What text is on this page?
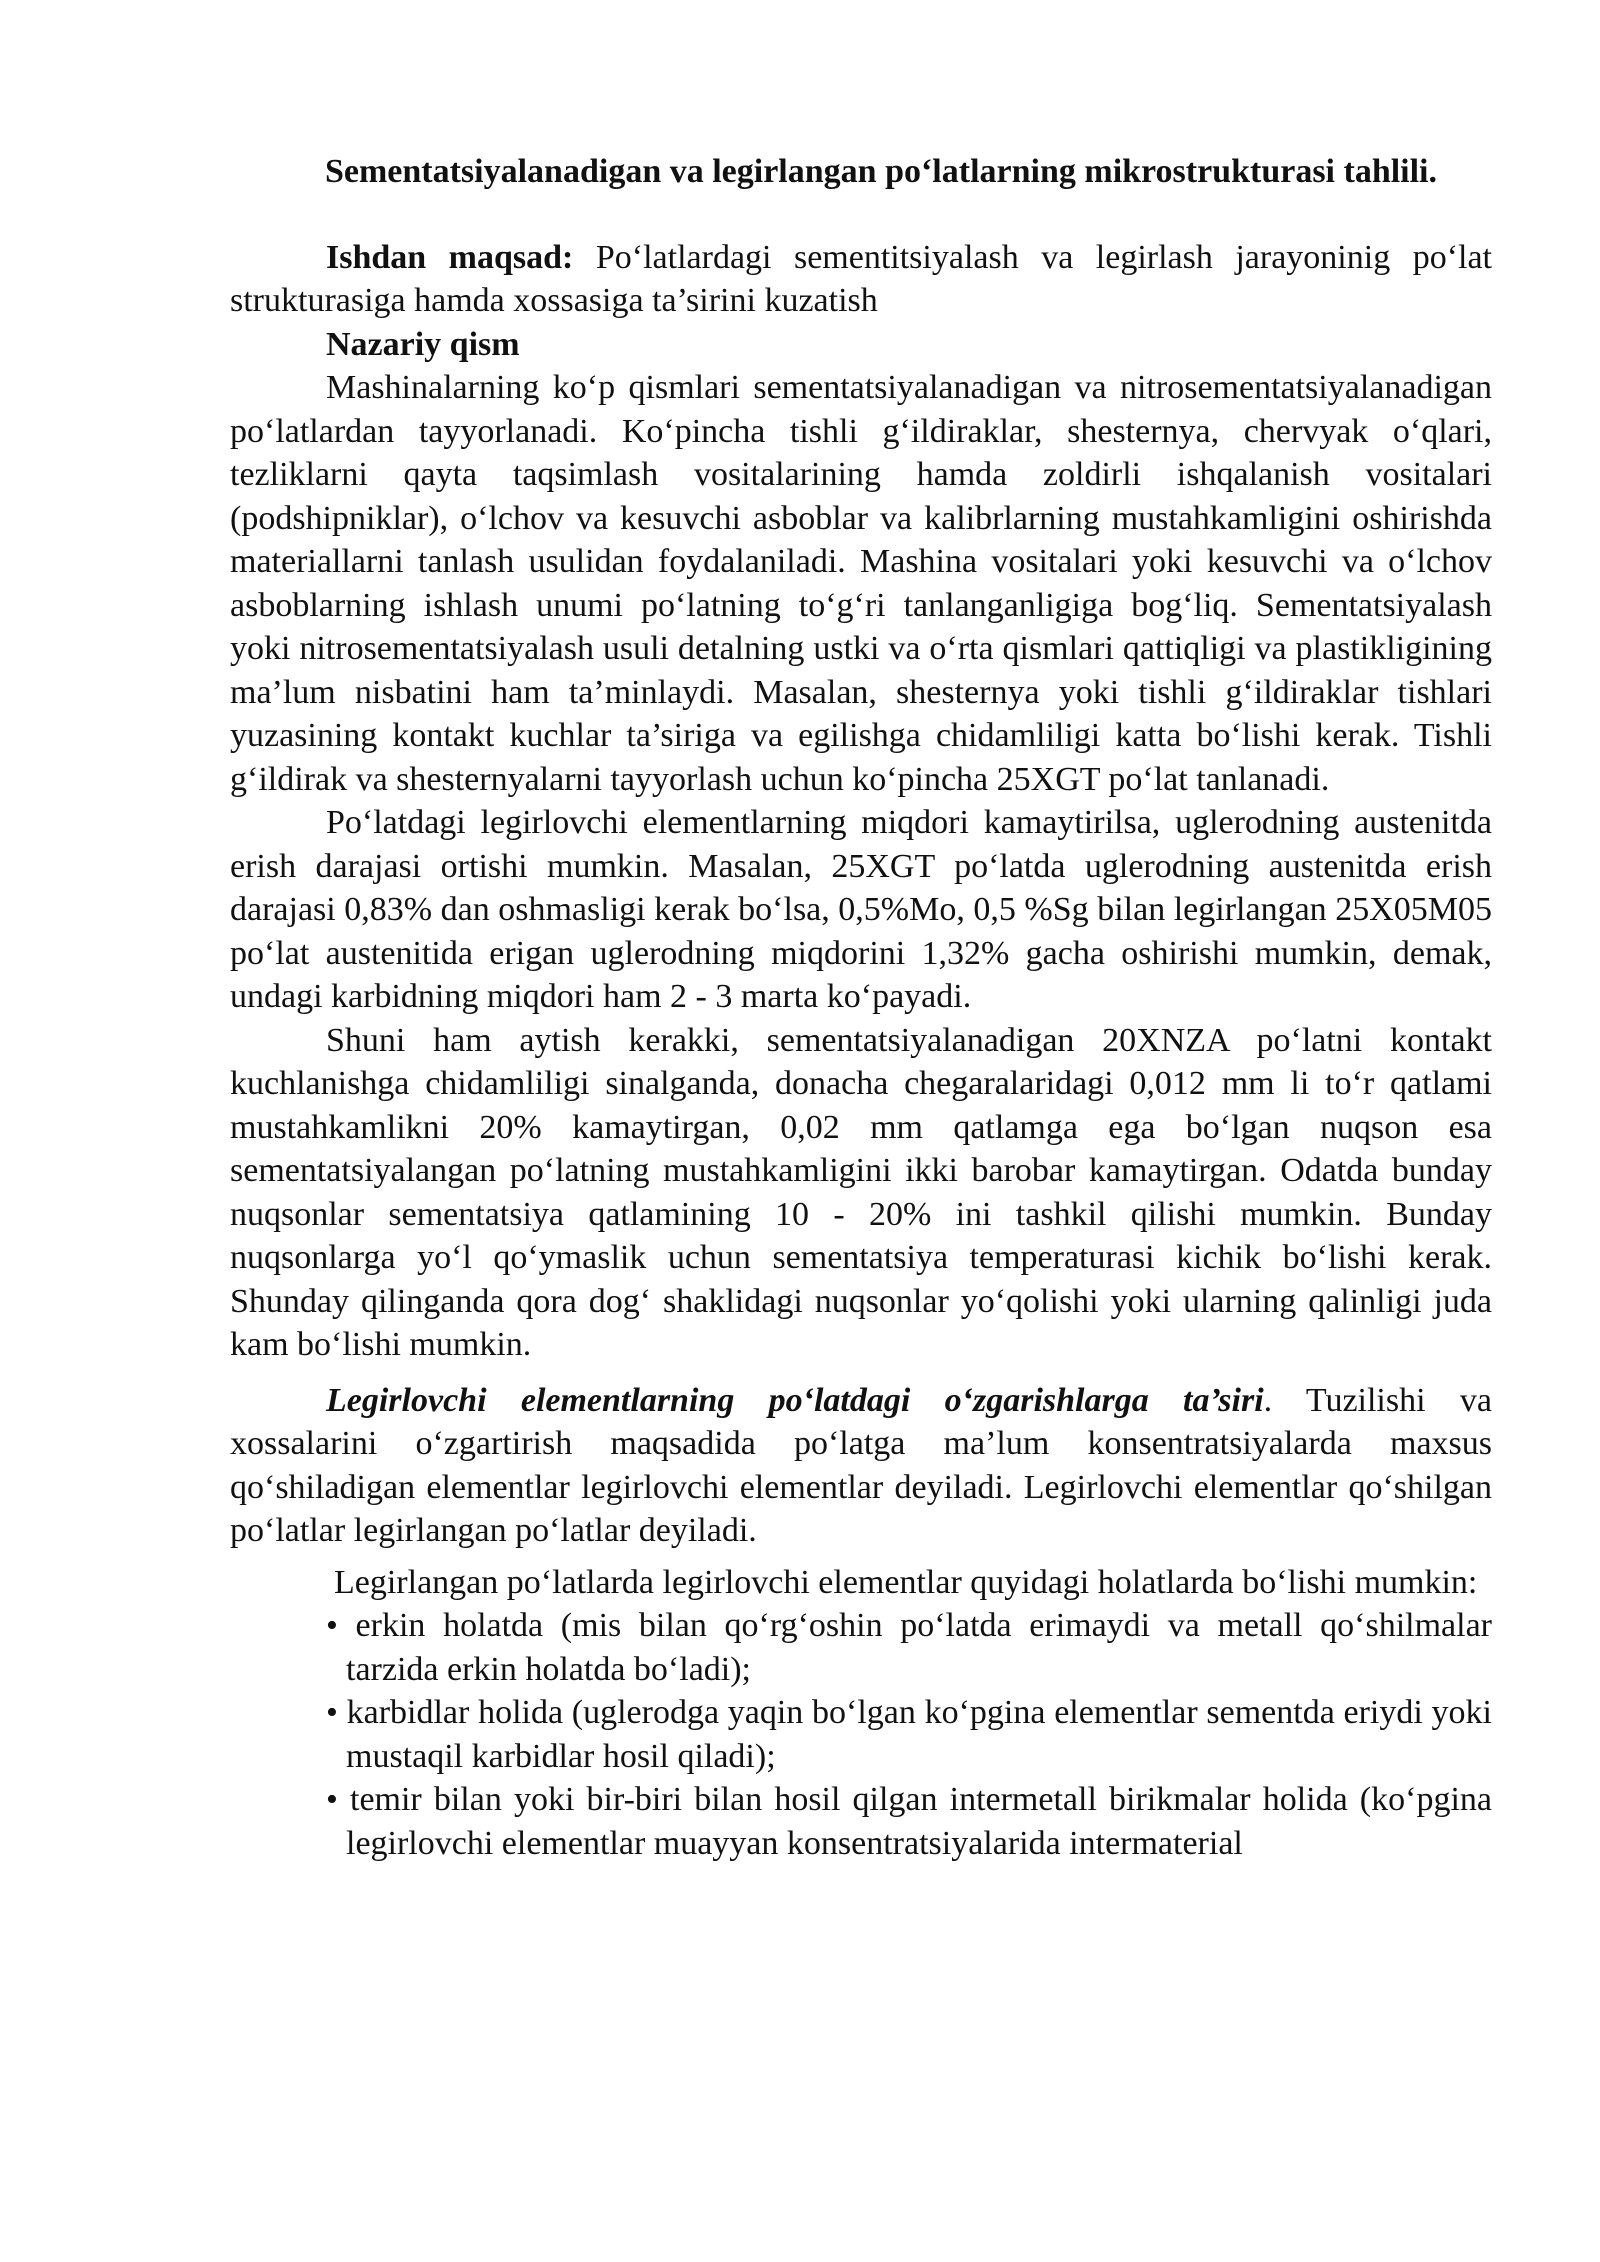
Sementatsiyalanadigan va legirlangan po‘latlarning mikrostrukturasi tahlili.

Ishdan maqsad: Po‘latlardagi sementitsiyalash va legirlash jarayoninig po‘lat strukturasiga hamda xossasiga ta’sirini kuzatish

Nazariy qism

Mashinalarning ko‘p qismlari sementatsiyalanadigan va nitrosementatsiyalanadigan po‘latlardan tayyorlanadi. Ko‘pincha tishli g‘ildiraklar, shesternya, chervyak o‘qlari, tezliklarni qayta taqsimlash vositalarining hamda zoldirli ishqalanish vositalari (podshipniklar), o‘lchov va kesuvchi asboblar va kalibrlarning mustahkamligini oshirishda materiallarni tanlash usulidan foydalaniladi. Mashina vositalari yoki kesuvchi va o‘lchov asboblarning ishlash unumi po‘latning to‘g‘ri tanlanganligiga bog‘liq. Sementatsiyalash yoki nitrosementatsiyalash usuli detalning ustki va o‘rta qismlari qattiqligi va plastikligining ma’lum nisbatini ham ta’minlaydi. Masalan, shesternya yoki tishli g‘ildiraklar tishlari yuzasining kontakt kuchlar ta’siriga va egilishga chidamliligi katta bo‘lishi kerak. Tishli g‘ildirak va shesternyalarni tayyorlash uchun ko‘pincha 25XGT po‘lat tanlanadi.

Po‘latdagi legirlovchi elementlarning miqdori kamaytirilsa, uglerodning austenitda erish darajasi ortishi mumkin. Masalan, 25XGT po‘latda uglerodning austenitda erish darajasi 0,83% dan oshmasligi kerak bo‘lsa, 0,5%Mo, 0,5 %Sg bilan legirlangan 25X05M05 po‘lat austenitida erigan uglerodning miqdorini 1,32% gacha oshirishi mumkin, demak, undagi karbidning miqdori ham 2 - 3 marta ko‘payadi.

Shuni ham aytish kerakki, sementatsiyalanadigan 20XNZA po‘latni kontakt kuchlanishga chidamliligi sinalganda, donacha chegaralaridagi 0,012 mm li to‘r qatlami mustahkamlikni 20% kamaytirgan, 0,02 mm qatlamga ega bo‘lgan nuqson esa sementatsiyalangan po‘latning mustahkamligini ikki barobar kamaytirgan. Odatda bunday nuqsonlar sementatsiya qatlamining 10 - 20% ini tashkil qilishi mumkin. Bunday nuqsonlarga yo‘l qo‘ymaslik uchun sementatsiya temperaturasi kichik bo‘lishi kerak. Shunday qilinganda qora dog‘ shaklidagi nuqsonlar yo‘qolishi yoki ularning qalinligi juda kam bo‘lishi mumkin.

Legirlovchi elementlarning po‘latdagi o‘zgarishlarga ta’siri. Tuzilishi va xossalarini o‘zgartirish maqsadida po‘latga ma’lum konsentratsiyalarda maxsus qo‘shiladigan elementlar legirlovchi elementlar deyiladi. Legirlovchi elementlar qo‘shilgan po‘latlar legirlangan po‘latlar deyiladi.

Legirlangan po‘latlarda legirlovchi elementlar quyidagi holatlarda bo‘lishi mumkin:

• erkin holatda (mis bilan qo‘rg‘oshin po‘latda erimaydi va metall qo‘shilmalar tarzida erkin holatda bo‘ladi);
• karbidlar holida (uglerodga yaqin bo‘lgan ko‘pgina elementlar sementda eriydi yoki mustaqil karbidlar hosil qiladi);
• temir bilan yoki bir-biri bilan hosil qilgan intermetall birikmalar holida (ko‘pgina legirlovchi elementlar muayyan konsentratsiyalarida intermaterial
